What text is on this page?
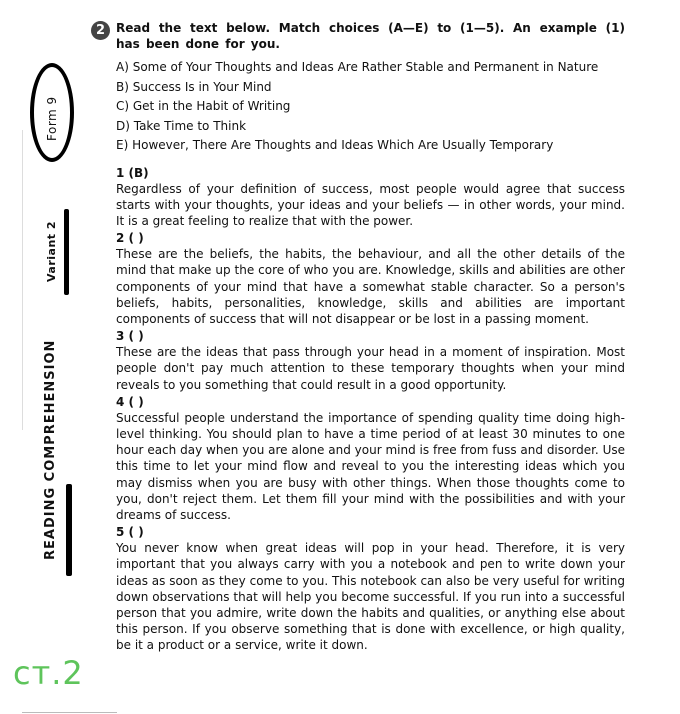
Form 9
Variant 2
READING COMPREHENSION
ст.2
2 Read the text below. Match choices (A—E) to (1—5). An example (1) has been done for you.
A) Some of Your Thoughts and Ideas Are Rather Stable and Permanent in Nature
B) Success Is in Your Mind
C) Get in the Habit of Writing
D) Take Time to Think
E) However, There Are Thoughts and Ideas Which Are Usually Temporary
1 (B)
Regardless of your definition of success, most people would agree that success starts with your thoughts, your ideas and your beliefs — in other words, your mind. It is a great feeling to realize that with the power.
2 ( )
These are the beliefs, the habits, the behaviour, and all the other details of the mind that make up the core of who you are. Knowledge, skills and abilities are other components of your mind that have a somewhat stable character. So a person's beliefs, habits, personalities, knowledge, skills and abilities are important components of success that will not disappear or be lost in a passing moment.
3 ( )
These are the ideas that pass through your head in a moment of inspiration. Most people don't pay much attention to these temporary thoughts when your mind reveals to you something that could result in a good opportunity.
4 ( )
Successful people understand the importance of spending quality time doing high-level thinking. You should plan to have a time period of at least 30 minutes to one hour each day when you are alone and your mind is free from fuss and disorder. Use this time to let your mind flow and reveal to you the interesting ideas which you may dismiss when you are busy with other things. When those thoughts come to you, don't reject them. Let them fill your mind with the possibilities and with your dreams of success.
5 ( )
You never know when great ideas will pop in your head. Therefore, it is very important that you always carry with you a notebook and pen to write down your ideas as soon as they come to you. This notebook can also be very useful for writing down observations that will help you become successful. If you run into a successful person that you admire, write down the habits and qualities, or anything else about this person. If you observe something that is done with excellence, or high quality, be it a product or a service, write it down.
